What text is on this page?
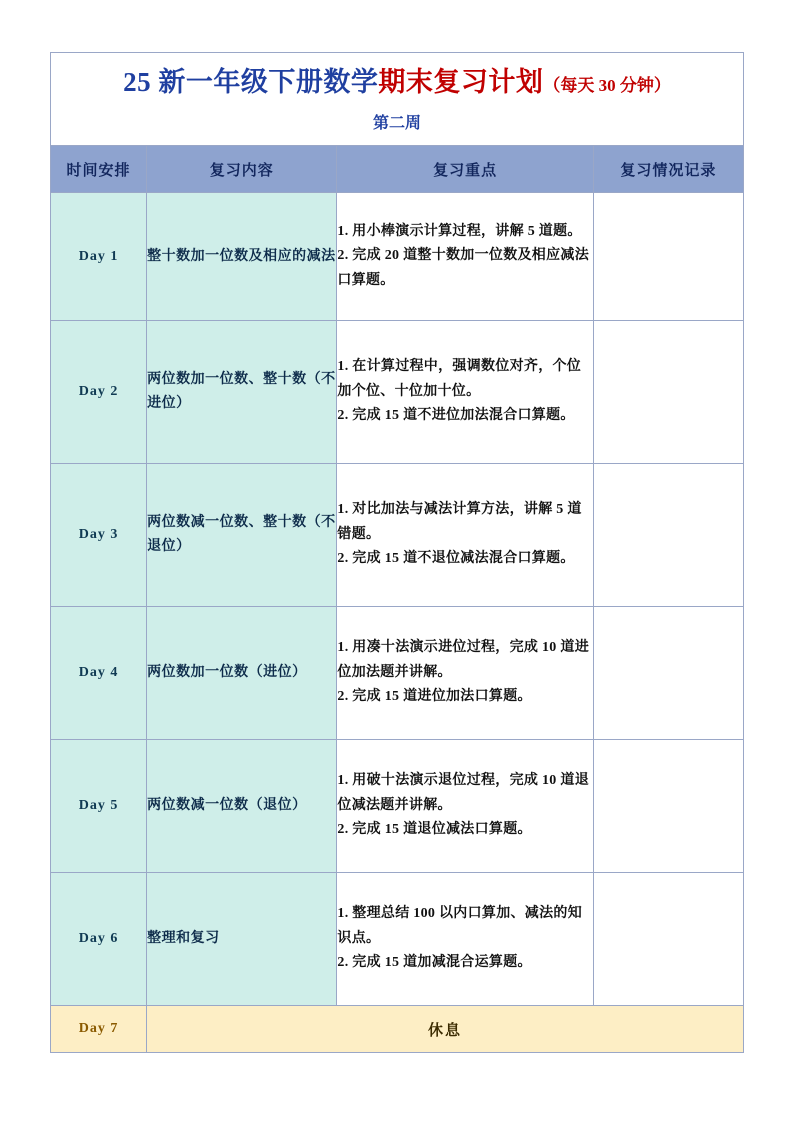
25 新一年级下册数学期末复习计划（每天 30 分钟）
第二周
时间安排	复习内容	复习重点	复习情况记录
Day 1	整十数加一位数及相应的减法	1. 用小棒演示计算过程，讲解 5 道题。

2. 完成 20 道整十数加一位数及相应减法口算题。	

Day 2	两位数加一位数、整十数（不进位）	1. 在计算过程中，强调数位对齐，个位加个位、十位加十位。

2. 完成 15 道不进位加法混合口算题。	

Day 3	两位数减一位数、整十数（不退位）	1. 对比加法与减法计算方法，讲解 5 道错题。

2. 完成 15 道不退位减法混合口算题。	

Day 4	两位数加一位数（进位）	1. 用凑十法演示进位过程，完成 10 道进位加法题并讲解。

2. 完成 15 道进位加法口算题。	

Day 5	两位数减一位数（退位）	1. 用破十法演示退位过程，完成 10 道退位减法题并讲解。

2. 完成 15 道退位减法口算题。	

Day 6	整理和复习	1. 整理总结 100 以内口算加、减法的知识点。

2. 完成 15 道加减混合运算题。	

Day 7	休息		
